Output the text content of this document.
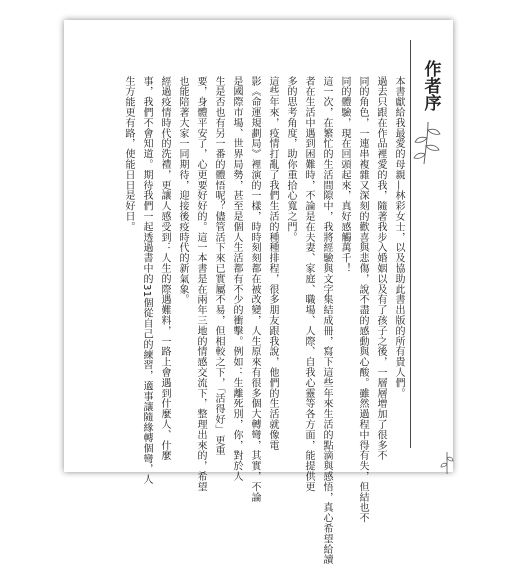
作者序
本書獻給我最愛的母親—林彩女士，以及協助此書出版的所有貴人們。
過去只跟在作品裡愛的我，隨著我步入婚姻以及有了孩子之後，一層層增加了很多不
同的角色，一連串複雜又深刻的歡喜與悲傷，說不盡的感動與心酸。雖然過程中得有失，但結也不
同的體驗，現在回頭起來，真好感觸萬千！
這一次，在繁忙的生活間隙中，我將經驗與文字集結成冊，寫下這些年來生活的點滴與感悟，真心希望給讀
者在生活中遇到困難時，不論是在夫妻、家庭、職場、人際、自我心靈等各方面，能提供更
多的思考角度，助你重拾心寬之門。
這些年來，疫情打亂了我們生活的種種排程，很多朋友跟我說，他們的生活就像電
影《命運規劃局》裡演的一樣，時時刻刻都在被改變，人生原來有很多個大轉彎，其實，不論
是國際市場、世界局勢，甚至是個人生活都有不少的衝擊。例如：生離死別，你，對於人
生是否也有另一番的體悟呢？儘管活下來已實屬不易，但相較之下，「活得好」更重
要，身體平安了，心更要好好的。這一本書是在兩年三地的情感交流下，整理出來的，希望
也能陪著大家一同期待，迎接後疫時代的新氣象。
經過疫情時代的洗禮，更讓人感受到：人生的際遇難料，一路上會遇到什麼人、什麼
事，我們不會知道。期待我們一起透過書中的31個從自己的練習，適事讓隨緣轉個彎，人
生方能更有路，使能日日是好日。
